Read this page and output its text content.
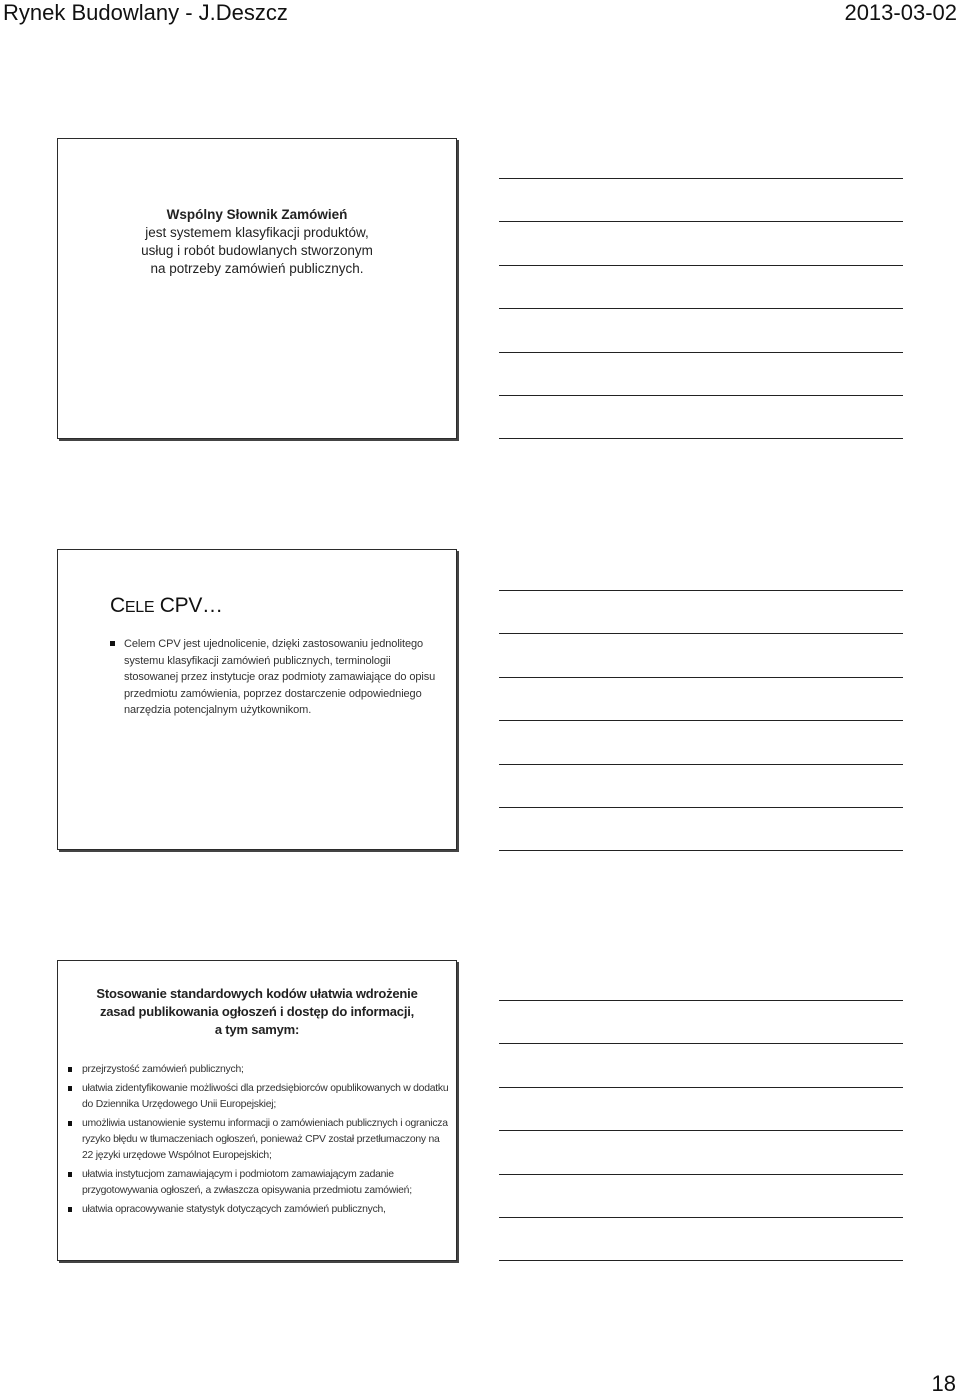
Rynek Budowlany - J.Deszcz	2013-03-02
Wspólny Słownik Zamówień
jest systemem klasyfikacji produktów,
usług i robót budowlanych stworzonym
na potrzeby zamówień publicznych.
CELE CPV…
Celem CPV jest ujednolicenie, dzięki zastosowaniu jednolitego systemu klasyfikacji zamówień publicznych, terminologii stosowanej przez instytucje oraz podmioty zamawiające do opisu przedmiotu zamówienia, poprzez dostarczenie odpowiedniego narzędzia potencjalnym użytkownikom.
Stosowanie standardowych kodów ułatwia wdrożenie
zasad publikowania ogłoszeń i dostęp do informacji,
a tym samym:
przejrzystość zamówień publicznych;
ułatwia zidentyfikowanie możliwości dla przedsiębiorców opublikowanych w dodatku do Dziennika Urzędowego Unii Europejskiej;
umożliwia ustanowienie systemu informacji o zamówieniach publicznych i ogranicza ryzyko błędu w tłumaczeniach ogłoszeń, ponieważ CPV został przetłumaczony na 22 języki urzędowe Wspólnot Europejskich;
ułatwia instytucjom zamawiającym i podmiotom zamawiającym zadanie przygotowywania ogłoszeń, a zwłaszcza opisywania przedmiotu zamówień;
ułatwia opracowywanie statystyk dotyczących zamówień publicznych,
18
